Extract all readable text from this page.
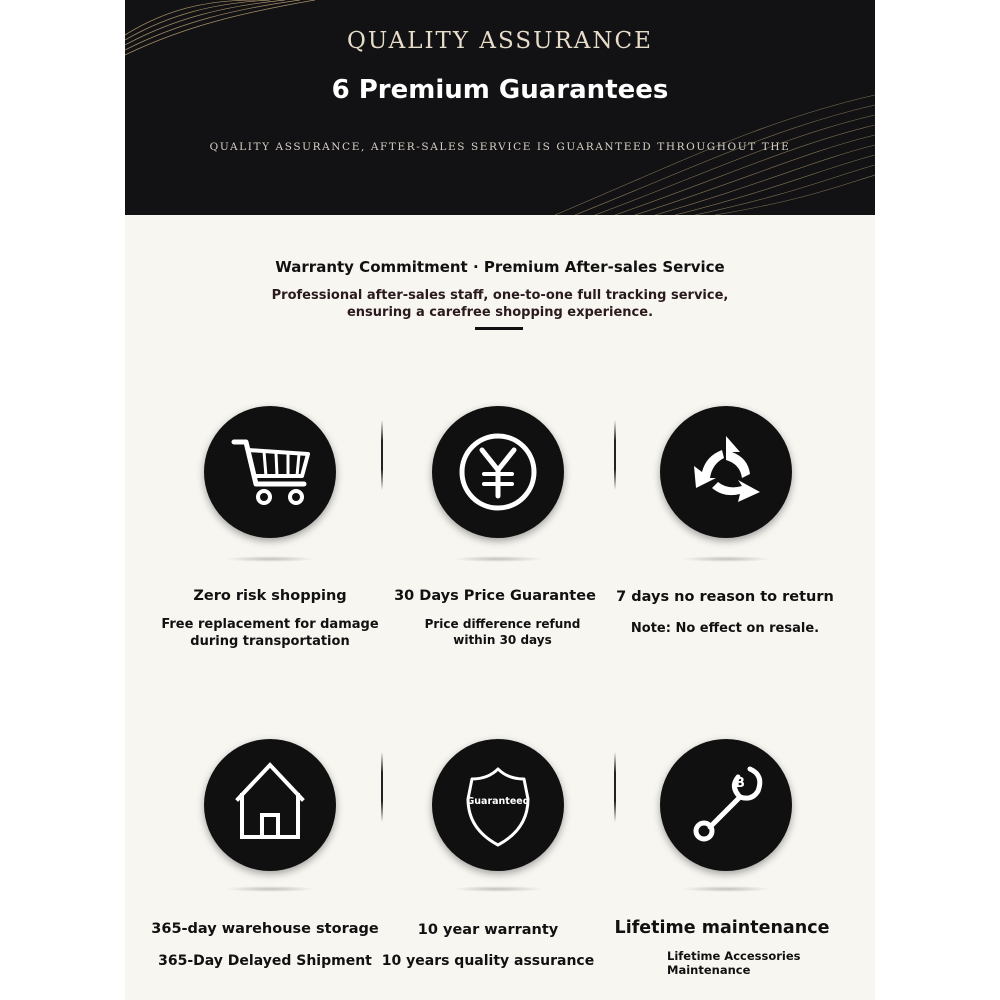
QUALITY ASSURANCE
6 Premium Guarantees
QUALITY ASSURANCE, AFTER-SALES SERVICE IS GUARANTEED THROUGHOUT THE
Warranty Commitment · Premium After-sales Service
Professional after-sales staff, one-to-one full tracking service, ensuring a carefree shopping experience.
Zero risk shopping
Free replacement for damage during transportation
30 Days Price Guarantee
Price difference refund within 30 days
7 days no reason to return
Note: No effect on resale.
365-day warehouse storage
365-Day Delayed Shipment
Guaranteed
10 year warranty
10 years quality assurance
B
Lifetime maintenance
Lifetime Accessories Maintenance
